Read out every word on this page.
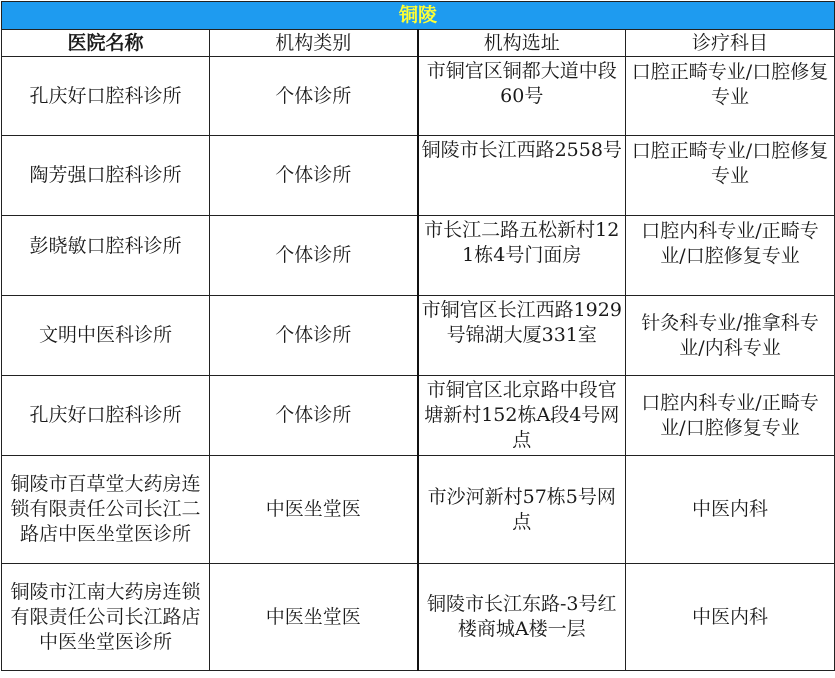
铜陵			
医院名称	机构类别	机构选址	诊疗科目
孔庆好口腔科诊所	个体诊所	市铜官区铜都大道中段60号	口腔正畸专业/口腔修复专业
陶芳强口腔科诊所	个体诊所	铜陵市长江西路2558号	口腔正畸专业/口腔修复专业
彭晓敏口腔科诊所	个体诊所	市长江二路五松新村121栋4号门面房	口腔内科专业/正畸专业/口腔修复专业
文明中医科诊所	个体诊所	市铜官区长江西路1929号锦湖大厦331室	针灸科专业/推拿科专业/内科专业
孔庆好口腔科诊所	个体诊所	市铜官区北京路中段官塘新村152栋A段4号网点	口腔内科专业/正畸专业/口腔修复专业
铜陵市百草堂大药房连锁有限责任公司长江二路店中医坐堂医诊所	中医坐堂医	市沙河新村57栋5号网点	中医内科
铜陵市江南大药房连锁有限责任公司长江路店中医坐堂医诊所	中医坐堂医	铜陵市长江东路-3号红楼商城A楼一层	中医内科
